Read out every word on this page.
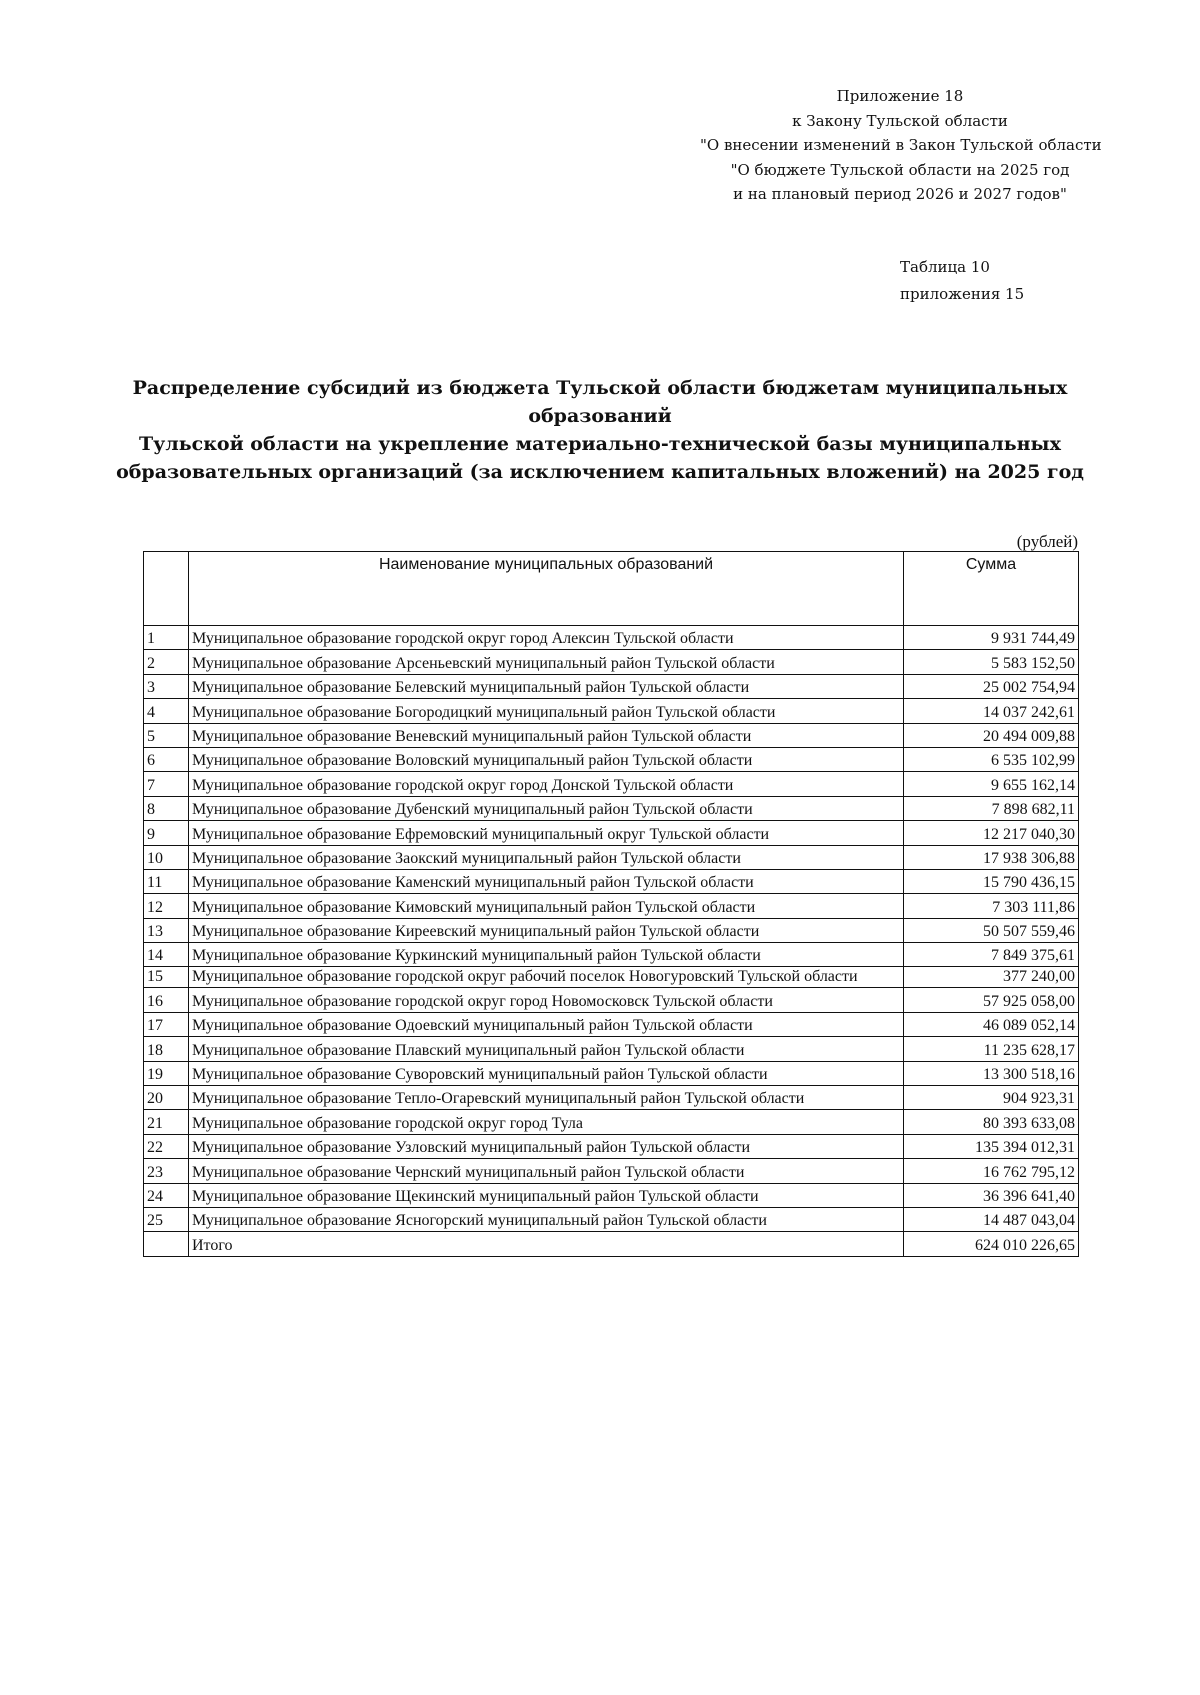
Приложение 18
к Закону Тульской области
"О внесении изменений в Закон Тульской области
"О бюджете Тульской области на 2025 год
и на плановый период 2026 и 2027 годов"
Таблица 10
приложения 15
Распределение субсидий из бюджета Тульской области бюджетам муниципальных образований
Тульской области на укрепление материально-технической базы муниципальных
образовательных организаций (за исключением капитальных вложений) на 2025 год
(рублей)
	Наименование муниципальных образований	Сумма
1	Муниципальное образование городской округ город Алексин Тульской области	9 931 744,49
2	Муниципальное образование Арсеньевский муниципальный район Тульской области	5 583 152,50
3	Муниципальное образование Белевский муниципальный район Тульской области	25 002 754,94
4	Муниципальное образование Богородицкий муниципальный район Тульской области	14 037 242,61
5	Муниципальное образование Веневский муниципальный район Тульской области	20 494 009,88
6	Муниципальное образование Воловский муниципальный район Тульской области	6 535 102,99
7	Муниципальное образование городской округ город Донской Тульской области	9 655 162,14
8	Муниципальное образование Дубенский муниципальный район Тульской области	7 898 682,11
9	Муниципальное образование Ефремовский муниципальный округ Тульской области	12 217 040,30
10	Муниципальное образование Заокский муниципальный район Тульской области	17 938 306,88
11	Муниципальное образование Каменский муниципальный район Тульской области	15 790 436,15
12	Муниципальное образование Кимовский муниципальный район Тульской области	7 303 111,86
13	Муниципальное образование Киреевский муниципальный район Тульской области	50 507 559,46
14	Муниципальное образование Куркинский муниципальный район Тульской области	7 849 375,61
15	Муниципальное образование городской округ рабочий поселок Новогуровский Тульской области	377 240,00
16	Муниципальное образование городской округ город Новомосковск Тульской области	57 925 058,00
17	Муниципальное образование Одоевский муниципальный район Тульской области	46 089 052,14
18	Муниципальное образование Плавский муниципальный район Тульской области	11 235 628,17
19	Муниципальное образование Суворовский муниципальный район Тульской области	13 300 518,16
20	Муниципальное образование Тепло-Огаревский муниципальный район Тульской области	904 923,31
21	Муниципальное образование городской округ город Тула	80 393 633,08
22	Муниципальное образование Узловский муниципальный район Тульской области	135 394 012,31
23	Муниципальное образование Чернский муниципальный район Тульской области	16 762 795,12
24	Муниципальное образование Щекинский муниципальный район Тульской области	36 396 641,40
25	Муниципальное образование Ясногорский муниципальный район Тульской области	14 487 043,04
	Итого	624 010 226,65
